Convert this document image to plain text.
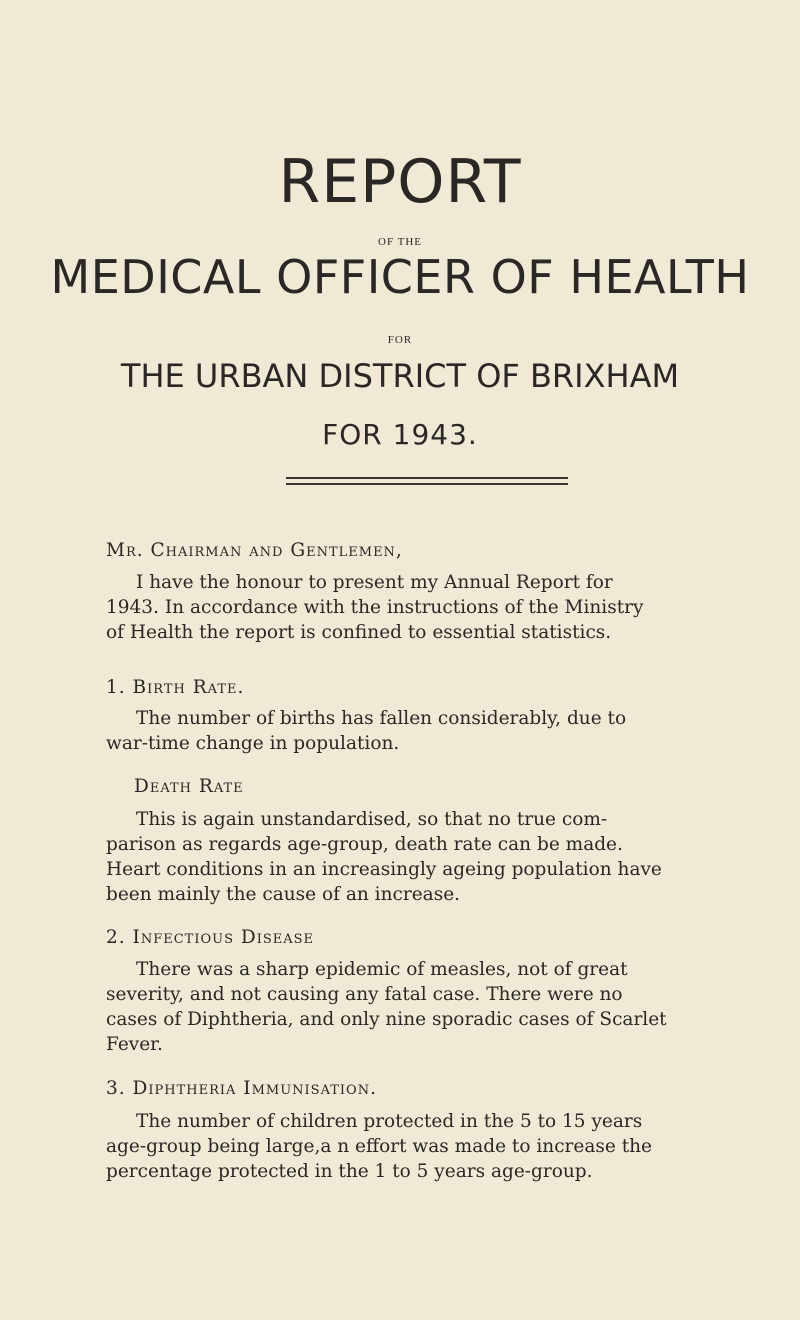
REPORT
OF THE
MEDICAL OFFICER OF HEALTH
FOR
THE URBAN DISTRICT OF BRIXHAM
FOR 1943.
Mr. Chairman and Gentlemen,
I have the honour to present my Annual Report for
1943. In accordance with the instructions of the Ministry
of Health the report is confined to essential statistics.
1. Birth Rate.
The number of births has fallen considerably, due to
war-time change in population.
Death Rate
This is again unstandardised, so that no true com-
parison as regards age-group, death rate can be made.
Heart conditions in an increasingly ageing population have
been mainly the cause of an increase.
2. Infectious Disease
There was a sharp epidemic of measles, not of great
severity, and not causing any fatal case. There were no
cases of Diphtheria, and only nine sporadic cases of Scarlet
Fever.
3. Diphtheria Immunisation.
The number of children protected in the 5 to 15 years
age-group being large,a n effort was made to increase the
percentage protected in the 1 to 5 years age-group.
